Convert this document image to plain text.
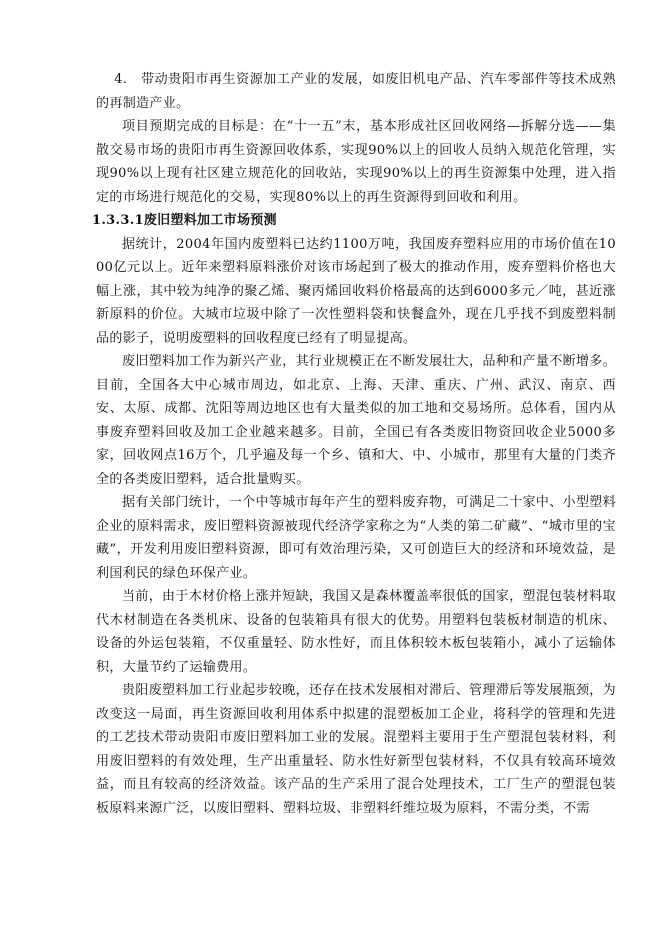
4.　带动贵阳市再生资源加工产业的发展，如废旧机电产品、汽车零部件等技术成熟的再制造产业。

项目预期完成的目标是：在“十一五”末，基本形成社区回收网络—拆解分选——集散交易市场的贵阳市再生资源回收体系，实现90%以上的回收人员纳入规范化管理，实现90%以上现有社区建立规范化的回收站，实现90%以上的再生资源集中处理，进入指定的市场进行规范化的交易，实现80%以上的再生资源得到回收和利用。

1.3.3.1废旧塑料加工市场预测

据统计，2004年国内废塑料已达约1100万吨，我国废弃塑料应用的市场价值在1000亿元以上。近年来塑料原料涨价对该市场起到了极大的推动作用，废弃塑料价格也大幅上涨，其中较为纯净的聚乙烯、聚丙烯回收料价格最高的达到6000多元／吨，甚近涨新原料的价位。大城市垃圾中除了一次性塑料袋和快餐盒外，现在几乎找不到废塑料制品的影子，说明废塑料的回收程度已经有了明显提高。

废旧塑料加工作为新兴产业，其行业规模正在不断发展壮大，品种和产量不断增多。目前，全国各大中心城市周边，如北京、上海、天津、重庆、广州、武汉、南京、西安、太原、成都、沈阳等周边地区也有大量类似的加工地和交易场所。总体看，国内从事废弃塑料回收及加工企业越来越多。目前，全国已有各类废旧物资回收企业5000多家，回收网点16万个，几乎遍及每一个乡、镇和大、中、小城市，那里有大量的门类齐全的各类废旧塑料，适合批量购买。

据有关部门统计，一个中等城市每年产生的塑料废弃物，可满足二十家中、小型塑料企业的原料需求，废旧塑料资源被现代经济学家称之为“人类的第二矿藏”、“城市里的宝藏”，开发利用废旧塑料资源，即可有效治理污染，又可创造巨大的经济和环境效益，是利国利民的绿色环保产业。

当前，由于木材价格上涨并短缺，我国又是森林覆盖率很低的国家，塑混包装材料取代木材制造在各类机床、设备的包装箱具有很大的优势。用塑料包装板材制造的机床、设备的外运包装箱，不仅重量轻、防水性好，而且体积较木板包装箱小，减小了运输体积，大量节约了运输费用。

贵阳废塑料加工行业起步较晚，还存在技术发展相对滞后、管理滞后等发展瓶颈，为改变这一局面，再生资源回收利用体系中拟建的混塑板加工企业，将科学的管理和先进的工艺技术带动贵阳市废旧塑料加工业的发展。混塑料主要用于生产塑混包装材料，利用废旧塑料的有效处理，生产出重量轻、防水性好新型包装材料，不仅具有较高环境效益，而且有较高的经济效益。该产品的生产采用了混合处理技术，工厂生产的塑混包装板原料来源广泛，以废旧塑料、塑料垃圾、非塑料纤维垃圾为原料，不需分类，不需
